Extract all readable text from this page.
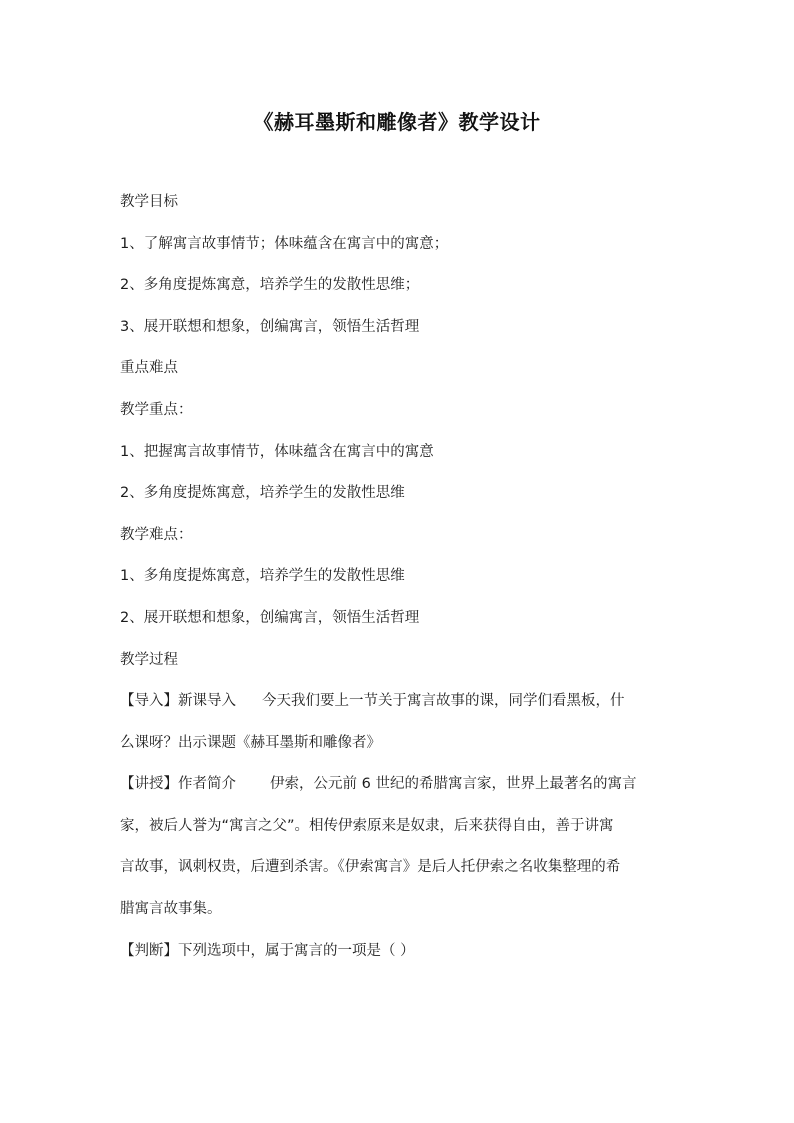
《赫耳墨斯和雕像者》教学设计
教学目标
1、了解寓言故事情节；体味蕴含在寓言中的寓意；
2、多角度提炼寓意，培养学生的发散性思维；
3、展开联想和想象，创编寓言，领悟生活哲理
重点难点
教学重点：
1、把握寓言故事情节，体味蕴含在寓言中的寓意
2、多角度提炼寓意，培养学生的发散性思维
教学难点：
1、多角度提炼寓意，培养学生的发散性思维
2、展开联想和想象，创编寓言，领悟生活哲理
教学过程
【导入】新课导入 今天我们要上一节关于寓言故事的课，同学们看黑板，什
么课呀？出示课题《赫耳墨斯和雕像者》
【讲授】作者简介 伊索，公元前 6 世纪的希腊寓言家，世界上最著名的寓言
家，被后人誉为“寓言之父”。相传伊索原来是奴隶，后来获得自由，善于讲寓
言故事，讽刺权贵，后遭到杀害。《伊索寓言》是后人托伊索之名收集整理的希
腊寓言故事集。
【判断】下列选项中，属于寓言的一项是（ ）
